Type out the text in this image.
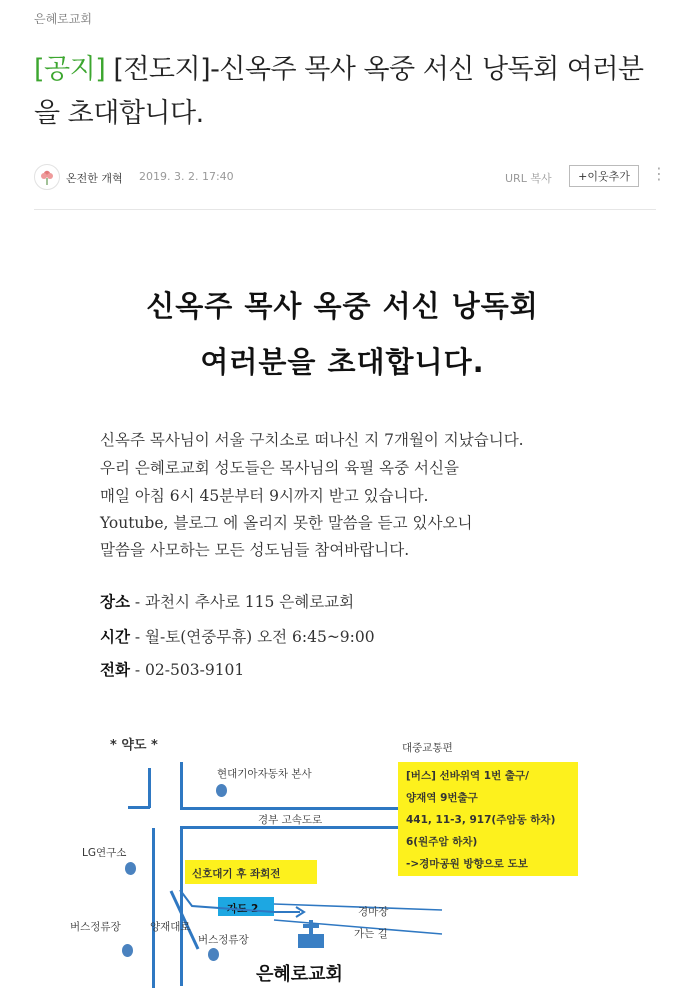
은혜로교회
[공지] [전도지]-신옥주 목사 옥중 서신 낭독회 여러분을 초대합니다.
온전한 개혁 2019. 3. 2. 17:40	URL 복사	+이웃추가	⋮
신옥주 목사 옥중 서신 낭독회
여러분을 초대합니다.
신옥주 목사님이 서울 구치소로 떠나신 지 7개월이 지났습니다.
우리 은혜로교회 성도들은 목사님의 육필 옥중 서신을
매일 아침 6시 45분부터 9시까지 받고 있습니다.
Youtube, 블로그 에 올리지 못한 말씀을 듣고 있사오니
말씀을 사모하는 모든 성도님들 참여바랍니다.
장소 - 과천시 추사로 115 은혜로교회
시간 - 월-토(연중무휴) 오전 6:45~9:00
전화 - 02-503-9101
* 약도 *
현대기아자동차 본사
경부 고속도로
LG연구소
신호대기 후 좌회전
자도 2	경마장
가는 길
버스정류장	양재대로
버스정류장
은혜로교회
대중교통편
[버스] 선바위역 1번 출구/
양재역 9번출구
441, 11-3, 917(주암동 하차)
6(원주암 하차)
->경마공원 방향으로 도보
